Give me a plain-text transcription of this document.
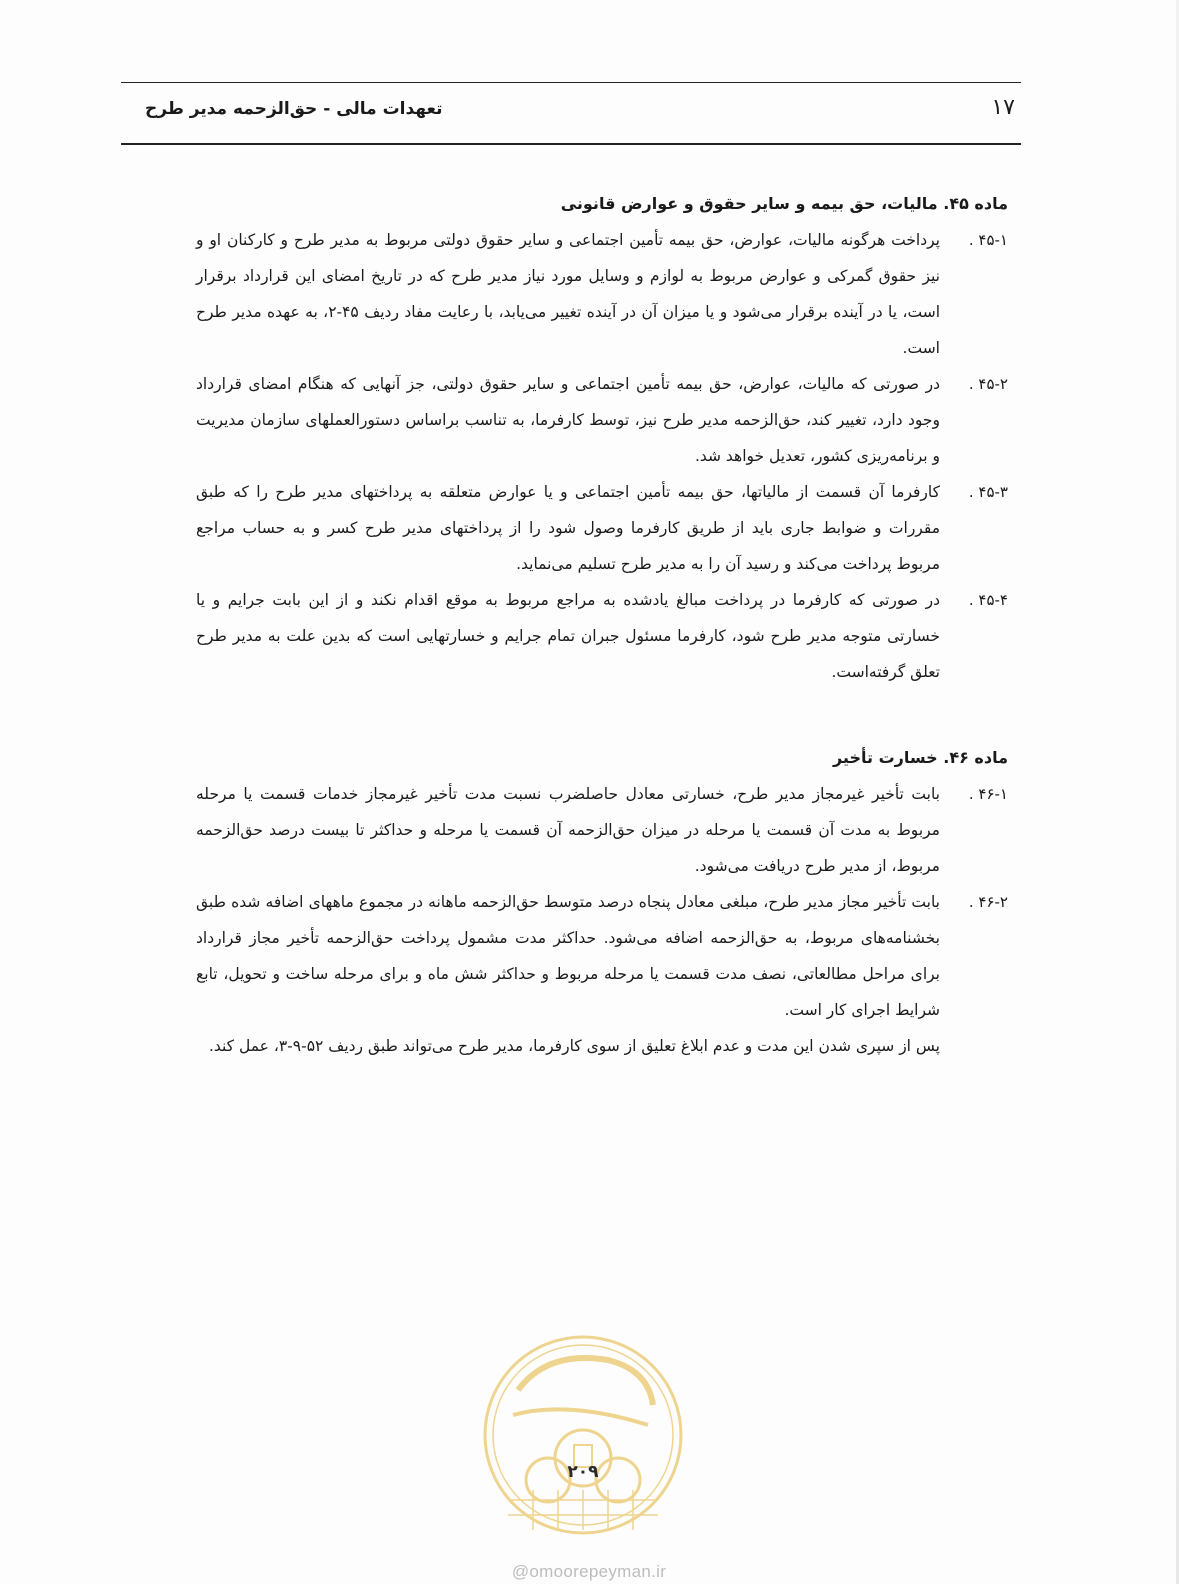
۱۷
تعهدات مالی - حق‌الزحمه مدیر طرح
ماده ۴۵. مالیات، حق بیمه و سایر حقوق و عوارض قانونی
۴۵-۱ .
پرداخت هرگونه مالیات، عوارض، حق بیمه تأمین اجتماعی و سایر حقوق دولتی مربوط به مدیر طرح و کارکنان او و نیز حقوق گمرکی و عوارض مربوط به لوازم و وسایل مورد نیاز مدیر طرح که در تاریخ امضای این قرارداد برقرار است، یا در آینده برقرار می‌شود و یا میزان آن در آینده تغییر می‌یابد، با رعایت مفاد ردیف ۴۵-۲، به عهده مدیر طرح است.
۴۵-۲ .
در صورتی که مالیات، عوارض، حق بیمه تأمین اجتماعی و سایر حقوق دولتی، جز آنهایی که هنگام امضای قرارداد وجود دارد، تغییر کند، حق‌الزحمه مدیر طرح نیز، توسط کارفرما، به تناسب براساس دستورالعملهای سازمان مدیریت و برنامه‌ریزی کشور، تعدیل خواهد شد.
۴۵-۳ .
کارفرما آن قسمت از مالیاتها، حق بیمه تأمین اجتماعی و یا عوارض متعلقه به پرداختهای مدیر طرح را که طبق مقررات و ضوابط جاری باید از طریق کارفرما وصول شود را از پرداختهای مدیر طرح کسر و به حساب مراجع مربوط پرداخت می‌کند و رسید آن را به مدیر طرح تسلیم می‌نماید.
۴۵-۴ .
در صورتی که کارفرما در پرداخت مبالغ یادشده به مراجع مربوط به موقع اقدام نکند و از این بابت جرایم و یا خسارتی متوجه مدیر طرح شود، کارفرما مسئول جبران تمام جرایم و خسارتهایی است که بدین علت به مدیر طرح تعلق گرفته‌است.
ماده ۴۶. خسارت تأخیر
۴۶-۱ .
بابت تأخیر غیرمجاز مدیر طرح، خسارتی معادل حاصلضرب نسبت مدت تأخیر غیرمجاز خدمات قسمت یا مرحله مربوط به مدت آن قسمت یا مرحله در میزان حق‌الزحمه آن قسمت یا مرحله و حداکثر تا بیست درصد حق‌الزحمه مربوط، از مدیر طرح دریافت می‌شود.
۴۶-۲ .
بابت تأخیر مجاز مدیر طرح، مبلغی معادل پنجاه درصد متوسط حق‌الزحمه ماهانه در مجموع ماههای اضافه شده طبق بخشنامه‌های مربوط، به حق‌الزحمه اضافه می‌شود. حداکثر مدت مشمول پرداخت حق‌الزحمه تأخیر مجاز قرارداد برای مراحل مطالعاتی، نصف مدت قسمت یا مرحله مربوط و حداکثر شش ماه و برای مرحله ساخت و تحویل، تابع شرایط اجرای کار است.
پس از سپری شدن این مدت و عدم ابلاغ تعلیق از سوی کارفرما، مدیر طرح می‌تواند طبق ردیف ۵۲-۹-۳، عمل کند.
۲۰۹
@omoorepeyman.ir
